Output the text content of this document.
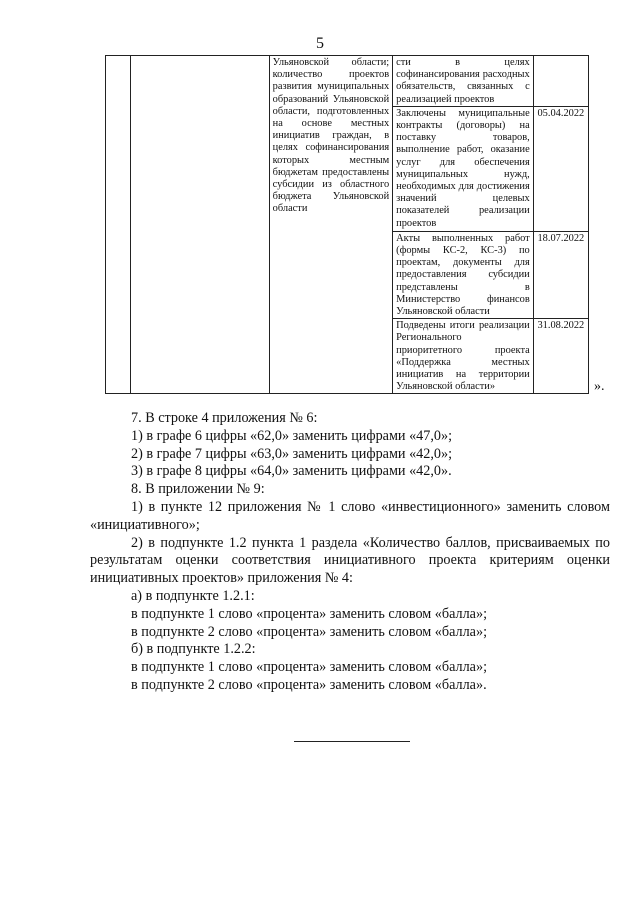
5
		Ульяновской области; количество проектов развития муниципальных образований Ульяновской области, подготовленных на основе местных инициатив граждан, в целях софинансирования которых местным бюджетам предоставлены субсидии из областного бюджета Ульяновской области	сти в целях софинансирования расходных обязательств, связанных с реализацией проектов	
			Заключены муниципальные контракты (договоры) на поставку товаров, выполнение работ, оказание услуг для обеспечения муниципальных нужд, необходимых для достижения значений целевых показателей реализации проектов	05.04.2022
			Акты выполненных работ (формы КС-2, КС-3) по проектам, документы для предоставления субсидии представлены в Министерство финансов Ульяновской области	18.07.2022
			Подведены итоги реализации Регионального приоритетного проекта «Поддержка местных инициатив на территории Ульяновской области»	31.08.2022
».

7. В строке 4 приложения № 6:

1) в графе 6 цифры «62,0» заменить цифрами «47,0»;

2) в графе 7 цифры «63,0» заменить цифрами «42,0»;

3) в графе 8 цифры «64,0» заменить цифрами «42,0».

8. В приложении № 9:

1) в пункте 12 приложения № 1 слово «инвестиционного» заменить словом «инициативного»;

2) в подпункте 1.2 пункта 1 раздела «Количество баллов, присваиваемых по результатам оценки соответствия инициативного проекта критериям оценки инициативных проектов» приложения № 4:

а) в подпункте 1.2.1:

в подпункте 1 слово «процента» заменить словом «балла»;

в подпункте 2 слово «процента» заменить словом «балла»;

б) в подпункте 1.2.2:

в подпункте 1 слово «процента» заменить словом «балла»;

в подпункте 2 слово «процента» заменить словом «балла».
